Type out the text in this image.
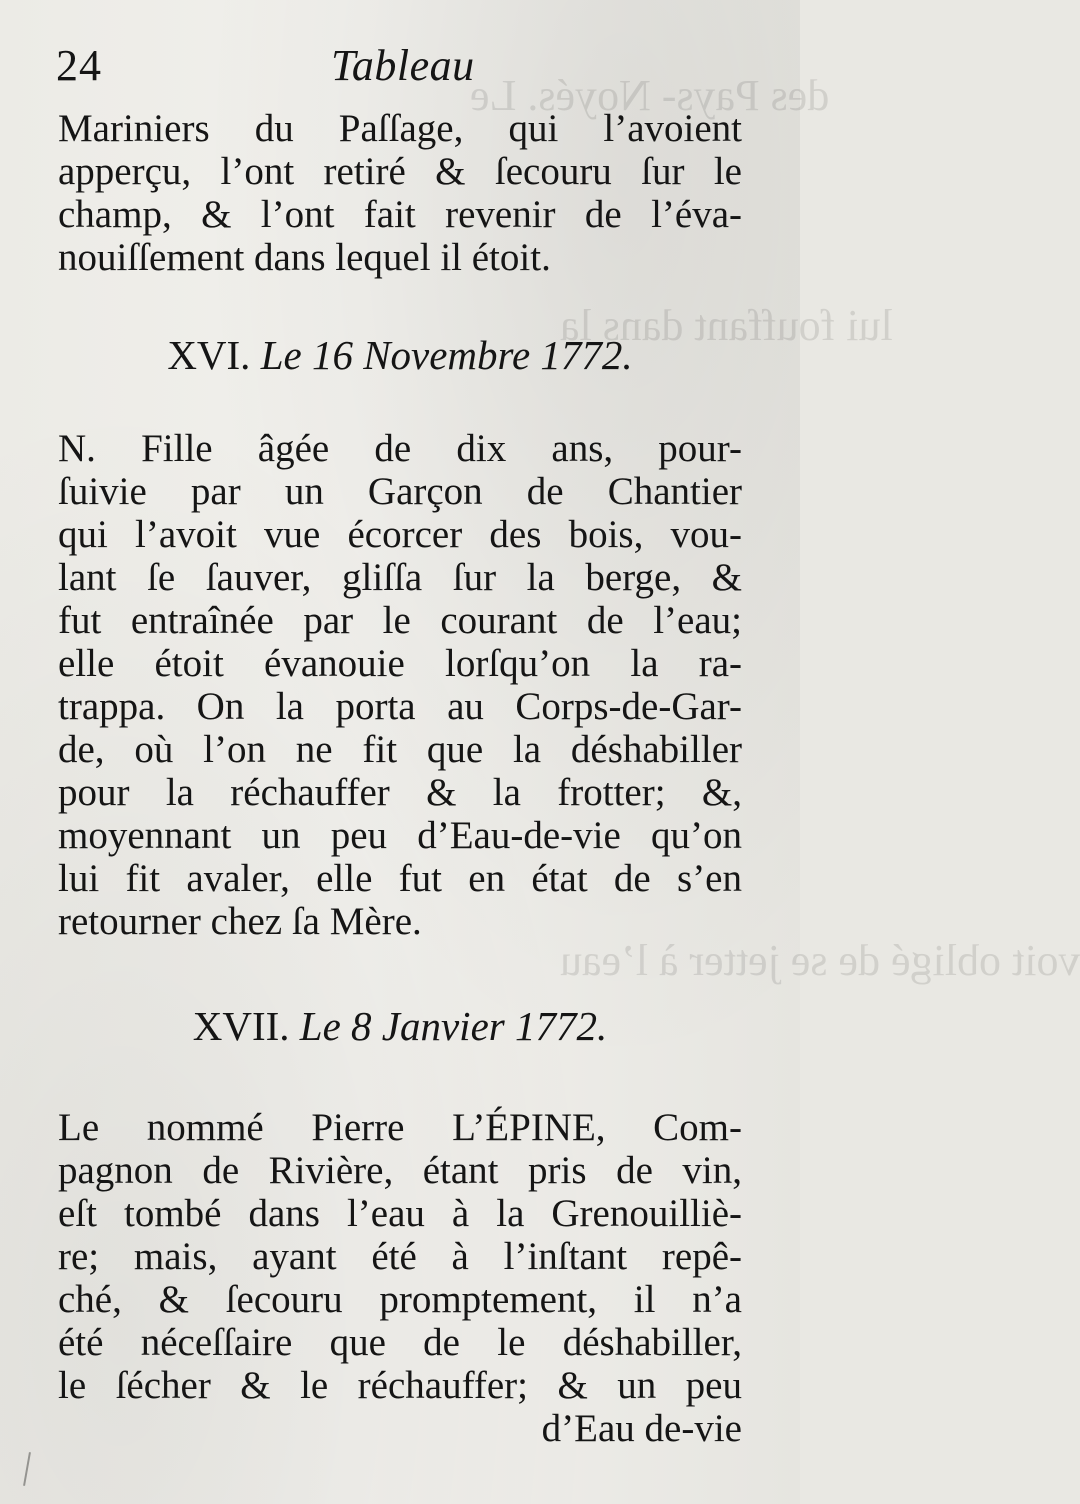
des Pays- Noyés. Le
lui fouffant dans la
voit obligé de se jetter à l’eau
24	Tableau
Mariniers du Paſſage, qui l’avoient
apperçu, l’ont retiré & ſecouru ſur le
champ, & l’ont fait revenir de l’éva-
nouiſſement dans lequel il étoit.
XVI. Le 16 Novembre 1772.
N. Fille âgée de dix ans, pour-
ſuivie par un Garçon de Chantier
qui l’avoit vue écorcer des bois, vou-
lant ſe ſauver, gliſſa ſur la berge, &
fut entraînée par le courant de l’eau;
elle étoit évanouie lorſqu’on la ra-
trappa. On la porta au Corps-de-Gar-
de, où l’on ne fit que la déshabiller
pour la réchauffer & la frotter; &,
moyennant un peu d’Eau-de-vie qu’on
lui fit avaler, elle fut en état de s’en
retourner chez ſa Mère.
XVII. Le 8 Janvier 1772.
Le nommé Pierre L’ÉPINE, Com-
pagnon de Rivière, étant pris de vin,
eſt tombé dans l’eau à la Grenouilliè-
re; mais, ayant été à l’inſtant repê-
ché, & ſecouru promptement, il n’a
été néceſſaire que de le déshabiller,
le ſécher & le réchauffer; & un peu
d’Eau de-vie
